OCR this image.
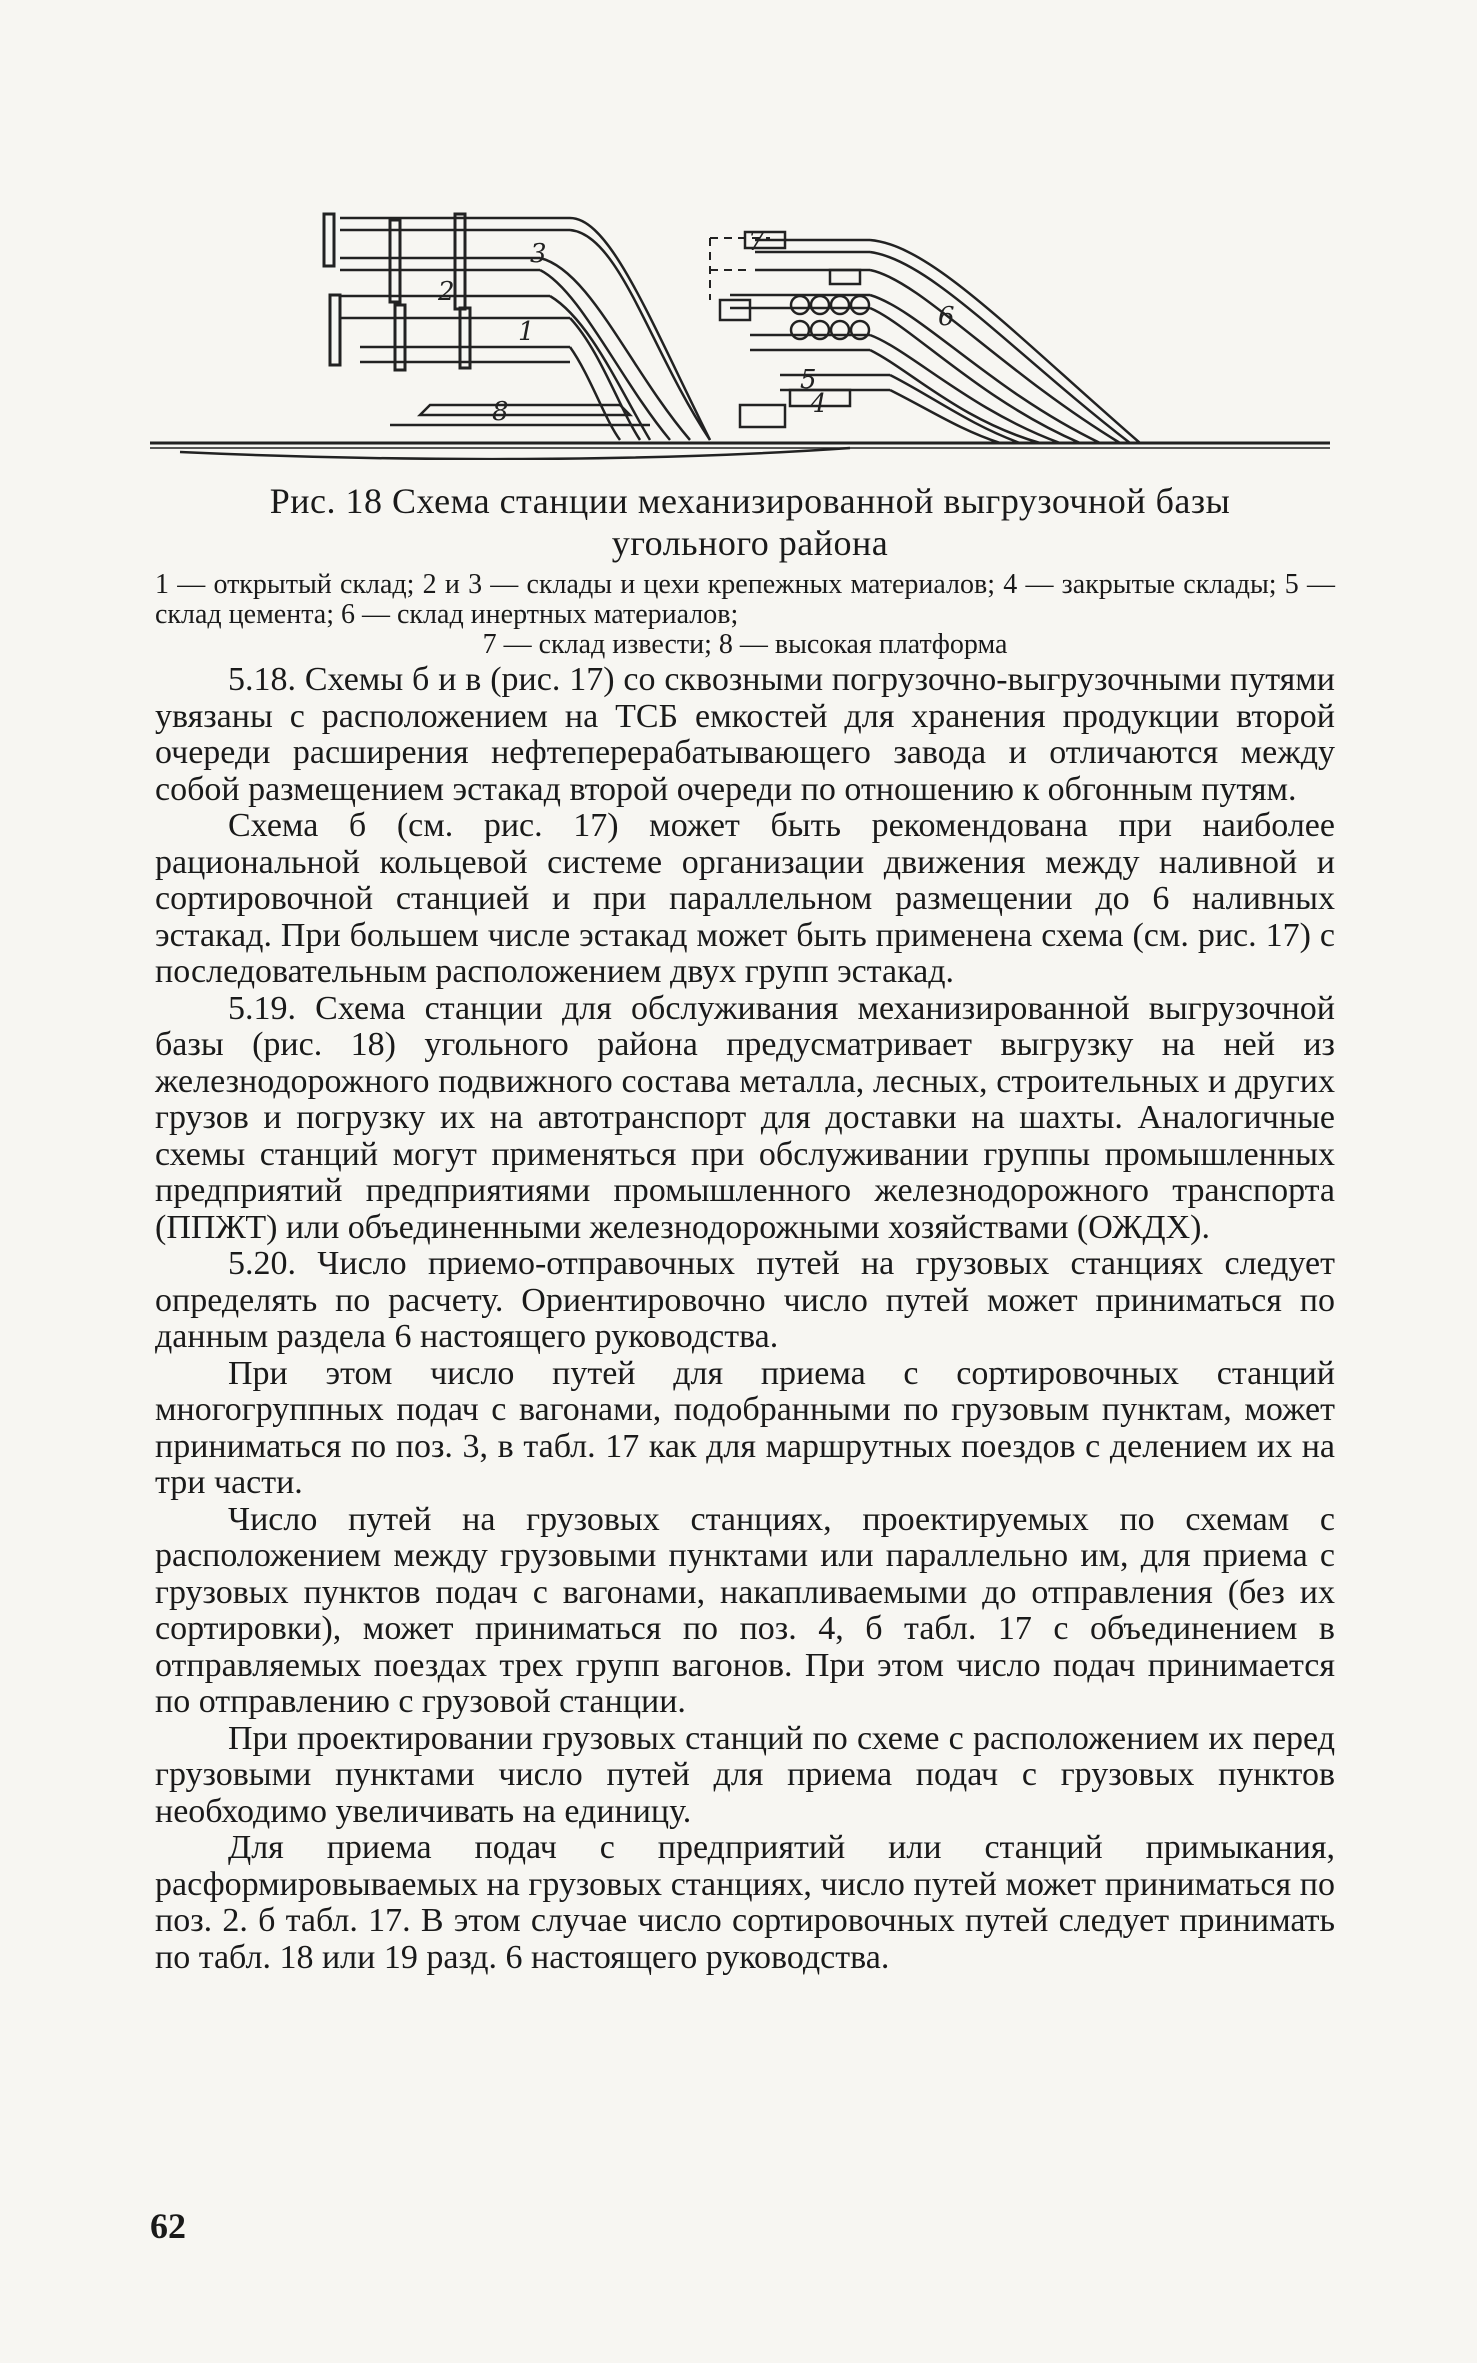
8
3
2
1
5
4
6
7
Рис. 18 Схема станции механизированной выгрузочной базы угольного района
1 — открытый склад; 2 и 3 — склады и цехи крепежных материалов; 4 — закрытые склады; 5 — склад цемента; 6 — склад инертных материалов;
7 — склад извести; 8 — высокая платформа

5.18. Схемы б и в (рис. 17) со сквозными погрузочно-выгрузочными путями увязаны с расположением на ТСБ емкостей для хранения продукции второй очереди расширения нефтеперерабатывающего завода и отличаются между собой размещением эстакад второй очереди по отношению к обгонным путям.

Схема б (см. рис. 17) может быть рекомендована при наиболее рациональной кольцевой системе организации движения между наливной и сортировочной станцией и при параллельном размещении до 6 наливных эстакад. При большем числе эстакад может быть применена схема (см. рис. 17) с последовательным расположением двух групп эстакад.

5.19. Схема станции для обслуживания механизированной выгрузочной базы (рис. 18) угольного района предусматривает выгрузку на ней из железнодорожного подвижного состава металла, лесных, строительных и других грузов и погрузку их на автотранспорт для доставки на шахты. Аналогичные схемы станций могут применяться при обслуживании группы промышленных предприятий предприятиями промышленного железнодорожного транспорта (ППЖТ) или объединенными железнодорожными хозяйствами (ОЖДХ).

5.20. Число приемо-отправочных путей на грузовых станциях следует определять по расчету. Ориентировочно число путей может приниматься по данным раздела 6 настоящего руководства.

При этом число путей для приема с сортировочных станций многогруппных подач с вагонами, подобранными по грузовым пунктам, может приниматься по поз. 3, в табл. 17 как для маршрутных поездов с делением их на три части.

Число путей на грузовых станциях, проектируемых по схемам с расположением между грузовыми пунктами или параллельно им, для приема с грузовых пунктов подач с вагонами, накапливаемыми до отправления (без их сортировки), может приниматься по поз. 4, б табл. 17 с объединением в отправляемых поездах трех групп вагонов. При этом число подач принимается по отправлению с грузовой станции.

При проектировании грузовых станций по схеме с расположением их перед грузовыми пунктами число путей для приема подач с грузовых пунктов необходимо увеличивать на единицу.

Для приема подач с предприятий или станций примыкания, расформировываемых на грузовых станциях, число путей может приниматься по поз. 2. б табл. 17. В этом случае число сортировочных путей следует принимать по табл. 18 или 19 разд. 6 настоящего руководства.

62
